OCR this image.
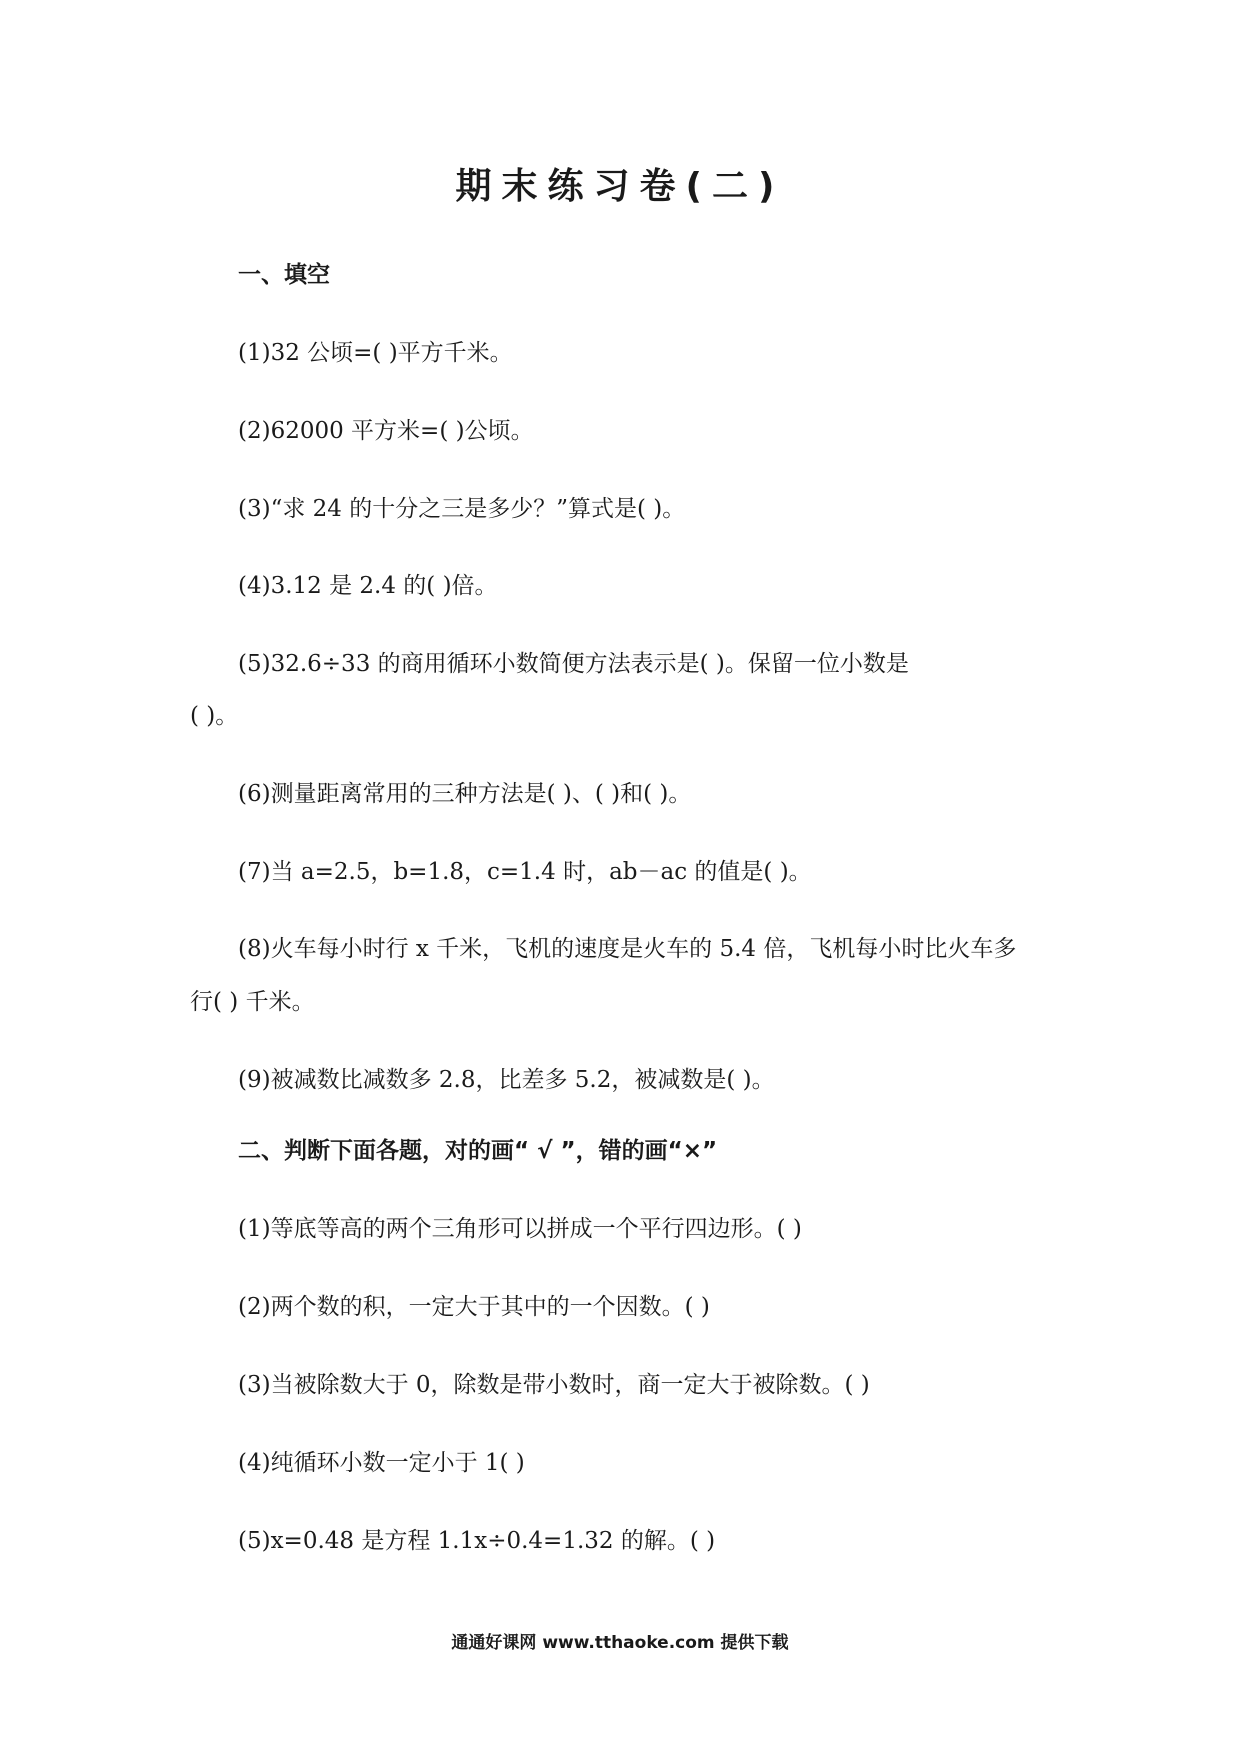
期末练习卷(二)
一、填空
(1)32 公顷=( )平方千米。
(2)62000 平方米=( )公顷。
(3)“求 24 的十分之三是多少？”算式是( )。
(4)3.12 是 2.4 的( )倍。
(5)32.6÷33 的商用循环小数简便方法表示是( )。保留一位小数是
( )。
(6)测量距离常用的三种方法是( )、( )和( )。
(7)当 a=2.5，b=1.8，c=1.4 时，ab－ac 的值是( )。
(8)火车每小时行 x 千米，飞机的速度是火车的 5.4 倍，飞机每小时比火车多
行( ) 千米。
(9)被减数比减数多 2.8，比差多 5.2，被减数是( )。
二、判断下面各题，对的画“ √ ”，错的画“×”
(1)等底等高的两个三角形可以拼成一个平行四边形。( )
(2)两个数的积，一定大于其中的一个因数。( )
(3)当被除数大于 0，除数是带小数时，商一定大于被除数。( )
(4)纯循环小数一定小于 1( )
(5)x=0.48 是方程 1.1x÷0.4=1.32 的解。( )
通通好课网 www.tthaoke.com 提供下载
